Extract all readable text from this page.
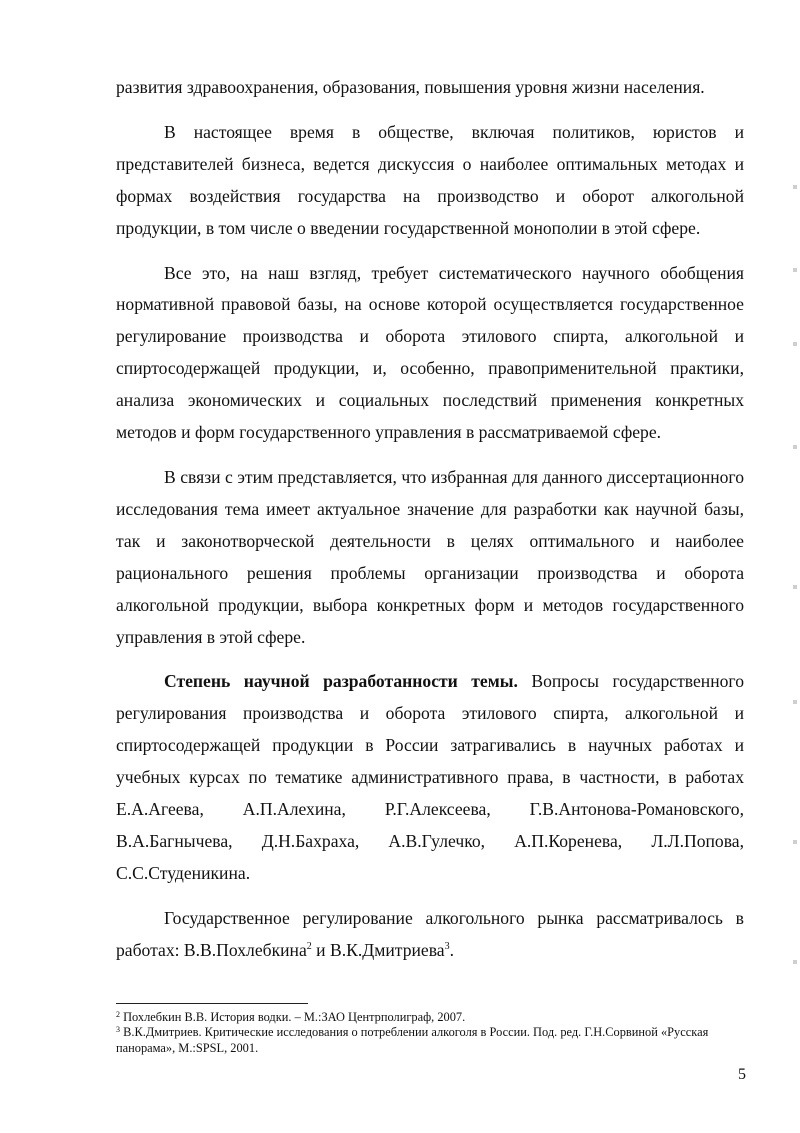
развития здравоохранения, образования, повышения уровня жизни населения.

В настоящее время в обществе, включая политиков, юристов и представителей бизнеса, ведется дискуссия о наиболее оптимальных методах и формах воздействия государства на производство и оборот алкогольной продукции, в том числе о введении государственной монополии в этой сфере.

Все это, на наш взгляд, требует систематического научного обобщения нормативной правовой базы, на основе которой осуществляется государственное регулирование производства и оборота этилового спирта, алкогольной и спиртосодержащей продукции, и, особенно, правоприменительной практики, анализа экономических и социальных последствий применения конкретных методов и форм государственного управления в рассматриваемой сфере.

В связи с этим представляется, что избранная для данного диссертационного исследования тема имеет актуальное значение для разработки как научной базы, так и законотворческой деятельности в целях оптимального и наиболее рационального решения проблемы организации производства и оборота алкогольной продукции, выбора конкретных форм и методов государственного управления в этой сфере.

Степень научной разработанности темы. Вопросы государственного регулирования производства и оборота этилового спирта, алкогольной и спиртосодержащей продукции в России затрагивались в научных работах и учебных курсах по тематике административного права, в частности, в работах Е.А.Агеева, А.П.Алехина, Р.Г.Алексеева, Г.В.Антонова-Романовского, В.А.Багнычева, Д.Н.Бахраха, А.В.Гулечко, А.П.Коренева, Л.Л.Попова, С.С.Студеникина.

Государственное регулирование алкогольного рынка рассматривалось в работах: В.В.Похлебкина$^2$ и В.К.Дмитриева$^3$.

$^2$ Похлебкин В.В. История водки. – М.:ЗАО Центрполиграф, 2007.

$^3$ В.К.Дмитриев. Критические исследования о потреблении алкоголя в России. Под. ред. Г.Н.Сорвиной «Русская панорама», М.:SPSL, 2001.

5
